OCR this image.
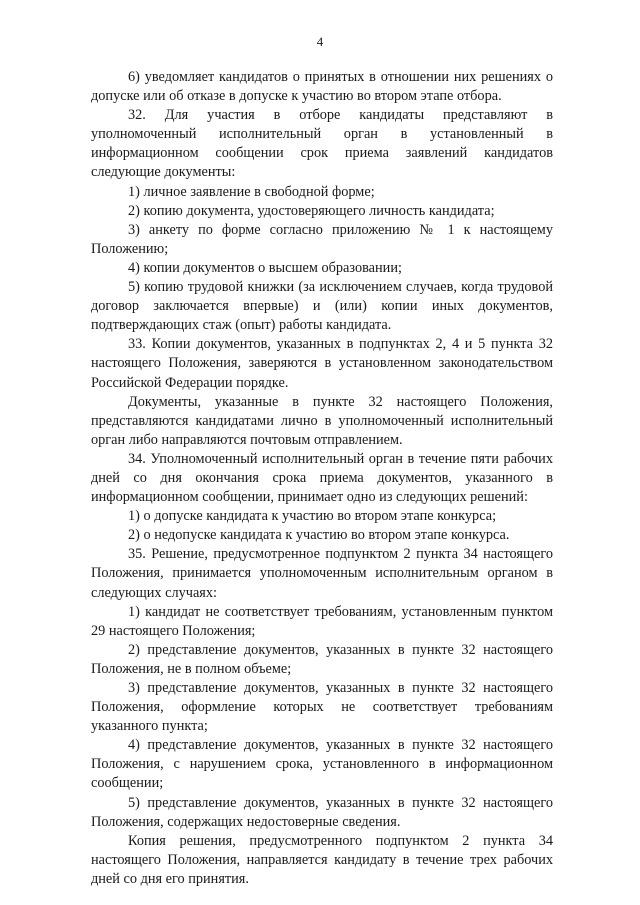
4

6) уведомляет кандидатов о принятых в отношении них решениях о допуске или об отказе в допуске к участию во втором этапе отбора.

32. Для участия в отборе кандидаты представляют в уполномоченный исполнительный орган в установленный в информационном сообщении срок приема заявлений кандидатов следующие документы:

1) личное заявление в свободной форме;

2) копию документа, удостоверяющего личность кандидата;

3) анкету по форме согласно приложению № 1 к настоящему Положению;

4) копии документов о высшем образовании;

5) копию трудовой книжки (за исключением случаев, когда трудовой договор заключается впервые) и (или) копии иных документов, подтверждающих стаж (опыт) работы кандидата.

33. Копии документов, указанных в подпунктах 2, 4 и 5 пункта 32 настоящего Положения, заверяются в установленном законодательством Российской Федерации порядке.

Документы, указанные в пункте 32 настоящего Положения, представляются кандидатами лично в уполномоченный исполнительный орган либо направляются почтовым отправлением.

34. Уполномоченный исполнительный орган в течение пяти рабочих дней со дня окончания срока приема документов, указанного в информационном сообщении, принимает одно из следующих решений:

1) о допуске кандидата к участию во втором этапе конкурса;

2) о недопуске кандидата к участию во втором этапе конкурса.

35. Решение, предусмотренное подпунктом 2 пункта 34 настоящего Положения, принимается уполномоченным исполнительным органом в следующих случаях:

1) кандидат не соответствует требованиям, установленным пунктом 29 настоящего Положения;

2) представление документов, указанных в пункте 32 настоящего Положения, не в полном объеме;

3) представление документов, указанных в пункте 32 настоящего Положения, оформление которых не соответствует требованиям указанного пункта;

4) представление документов, указанных в пункте 32 настоящего Положения, с нарушением срока, установленного в информационном сообщении;

5) представление документов, указанных в пункте 32 настоящего Положения, содержащих недостоверные сведения.

Копия решения, предусмотренного подпунктом 2 пункта 34 настоящего Положения, направляется кандидату в течение трех рабочих дней со дня его принятия.
